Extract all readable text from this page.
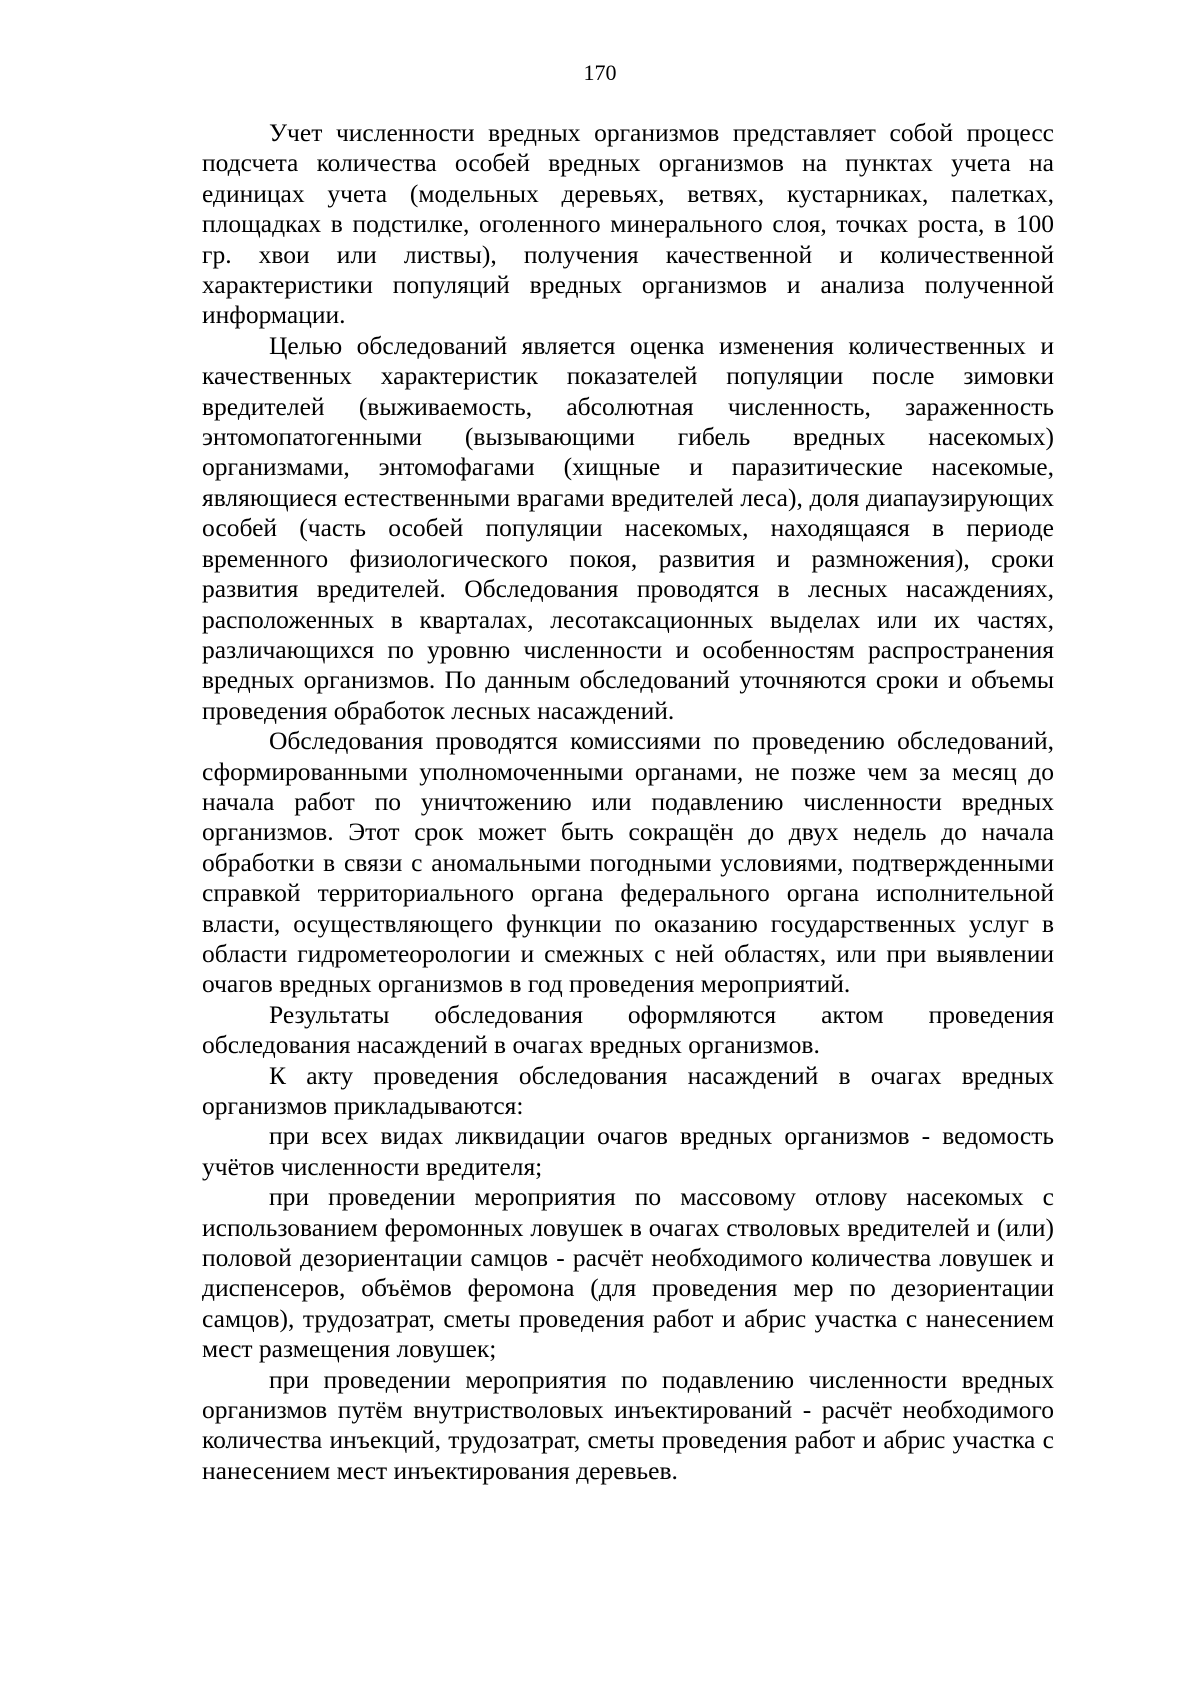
170

Учет численности вредных организмов представляет собой процесс подсчета количества особей вредных организмов на пунктах учета на единицах учета (модельных деревьях, ветвях, кустарниках, палетках, площадках в подстилке, оголенного минерального слоя, точках роста, в 100 гр. хвои или листвы), получения качественной и количественной характеристики популяций вредных организмов и анализа полученной информации.

Целью обследований является оценка изменения количественных и качественных характеристик показателей популяции после зимовки вредителей (выживаемость, абсолютная численность, зараженность энтомопатогенными (вызывающими гибель вредных насекомых) организмами, энтомофагами (хищные и паразитические насекомые, являющиеся естественными врагами вредителей леса), доля диапаузирующих особей (часть особей популяции насекомых, находящаяся в периоде временного физиологического покоя, развития и размножения), сроки развития вредителей. Обследования проводятся в лесных насаждениях, расположенных в кварталах, лесотаксационных выделах или их частях, различающихся по уровню численности и особенностям распространения вредных организмов. По данным обследований уточняются сроки и объемы проведения обработок лесных насаждений.

Обследования проводятся комиссиями по проведению обследований, сформированными уполномоченными органами, не позже чем за месяц до начала работ по уничтожению или подавлению численности вредных организмов. Этот срок может быть сокращён до двух недель до начала обработки в связи с аномальными погодными условиями, подтвержденными справкой территориального органа федерального органа исполнительной власти, осуществляющего функции по оказанию государственных услуг в области гидрометеорологии и смежных с ней областях, или при выявлении очагов вредных организмов в год проведения мероприятий.

Результаты обследования оформляются актом проведения обследования насаждений в очагах вредных организмов.

К акту проведения обследования насаждений в очагах вредных организмов прикладываются:

при всех видах ликвидации очагов вредных организмов - ведомость учётов численности вредителя;

при проведении мероприятия по массовому отлову насекомых с использованием феромонных ловушек в очагах стволовых вредителей и (или) половой дезориентации самцов - расчёт необходимого количества ловушек и диспенсеров, объёмов феромона (для проведения мер по дезориентации самцов), трудозатрат, сметы проведения работ и абрис участка с нанесением мест размещения ловушек;

при проведении мероприятия по подавлению численности вредных организмов путём внутристволовых инъектирований - расчёт необходимого количества инъекций, трудозатрат, сметы проведения работ и абрис участка с нанесением мест инъектирования деревьев.
